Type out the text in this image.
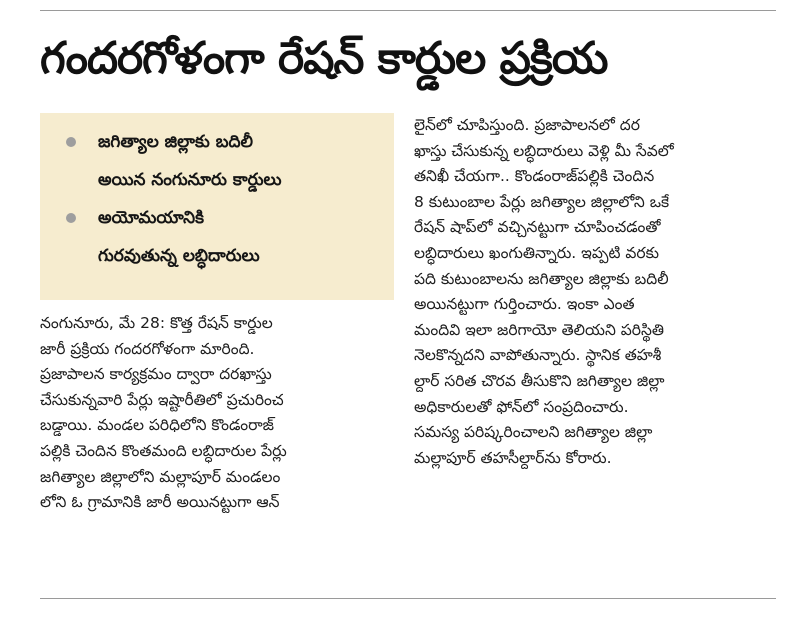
గందరగోళంగా రేషన్‌ కార్డుల ప్రక్రియ
జగిత్యాల జిల్లాకు బదిలీ
అయిన నంగునూరు కార్డులు
అయోమయానికి
గురవుతున్న లబ్ధిదారులు

నంగునూరు, మే 28: కొత్త రేషన్‌ కార్డుల
జారీ ప్రక్రియ గందరగోళంగా మారింది.
ప్రజాపాలన కార్యక్రమం ద్వారా దరఖాస్తు
చేసుకున్నవారి పేర్లు ఇష్టారీతిలో ప్రచురించ
బడ్డాయి. మండల పరిధిలోని కొండంరాజ్‌
పల్లికి చెందిన కొంతమంది లబ్ధిదారుల పేర్లు
జగిత్యాల జిల్లాలోని మల్లాపూర్‌ మండలం
లోని ఓ గ్రామానికి జారీ అయినట్టుగా ఆన్‌

లైన్‌లో చూపిస్తుంది. ప్రజాపాలనలో దర
ఖాస్తు చేసుకున్న లబ్ధిదారులు వెళ్లి మీ సేవలో
తనిఖీ చేయగా.. కొండంరాజ్‌పల్లికి చెందిన
8 కుటుంబాల పేర్లు జగిత్యాల జిల్లాలోని ఒకే
రేషన్‌ షాప్‌లో వచ్చినట్టుగా చూపించడంతో
లబ్ధిదారులు ఖంగుతిన్నారు. ఇప్పటి వరకు
పది కుటుంబాలను జగిత్యాల జిల్లాకు బదిలీ
అయినట్టుగా గుర్తించారు. ఇంకా ఎంత
మందివి ఇలా జరిగాయో తెలియని పరిస్థితి
నెలకొన్నదని వాపోతున్నారు. స్థానిక తహశీ
ల్దార్‌ సరిత చొరవ తీసుకొని జగిత్యాల జిల్లా
అధికారులతో ఫోన్‌లో సంప్రదించారు.
సమస్య పరిష్కరించాలని జగిత్యాల జిల్లా
మల్లాపూర్‌ తహసీల్దార్‌ను కోరారు.
